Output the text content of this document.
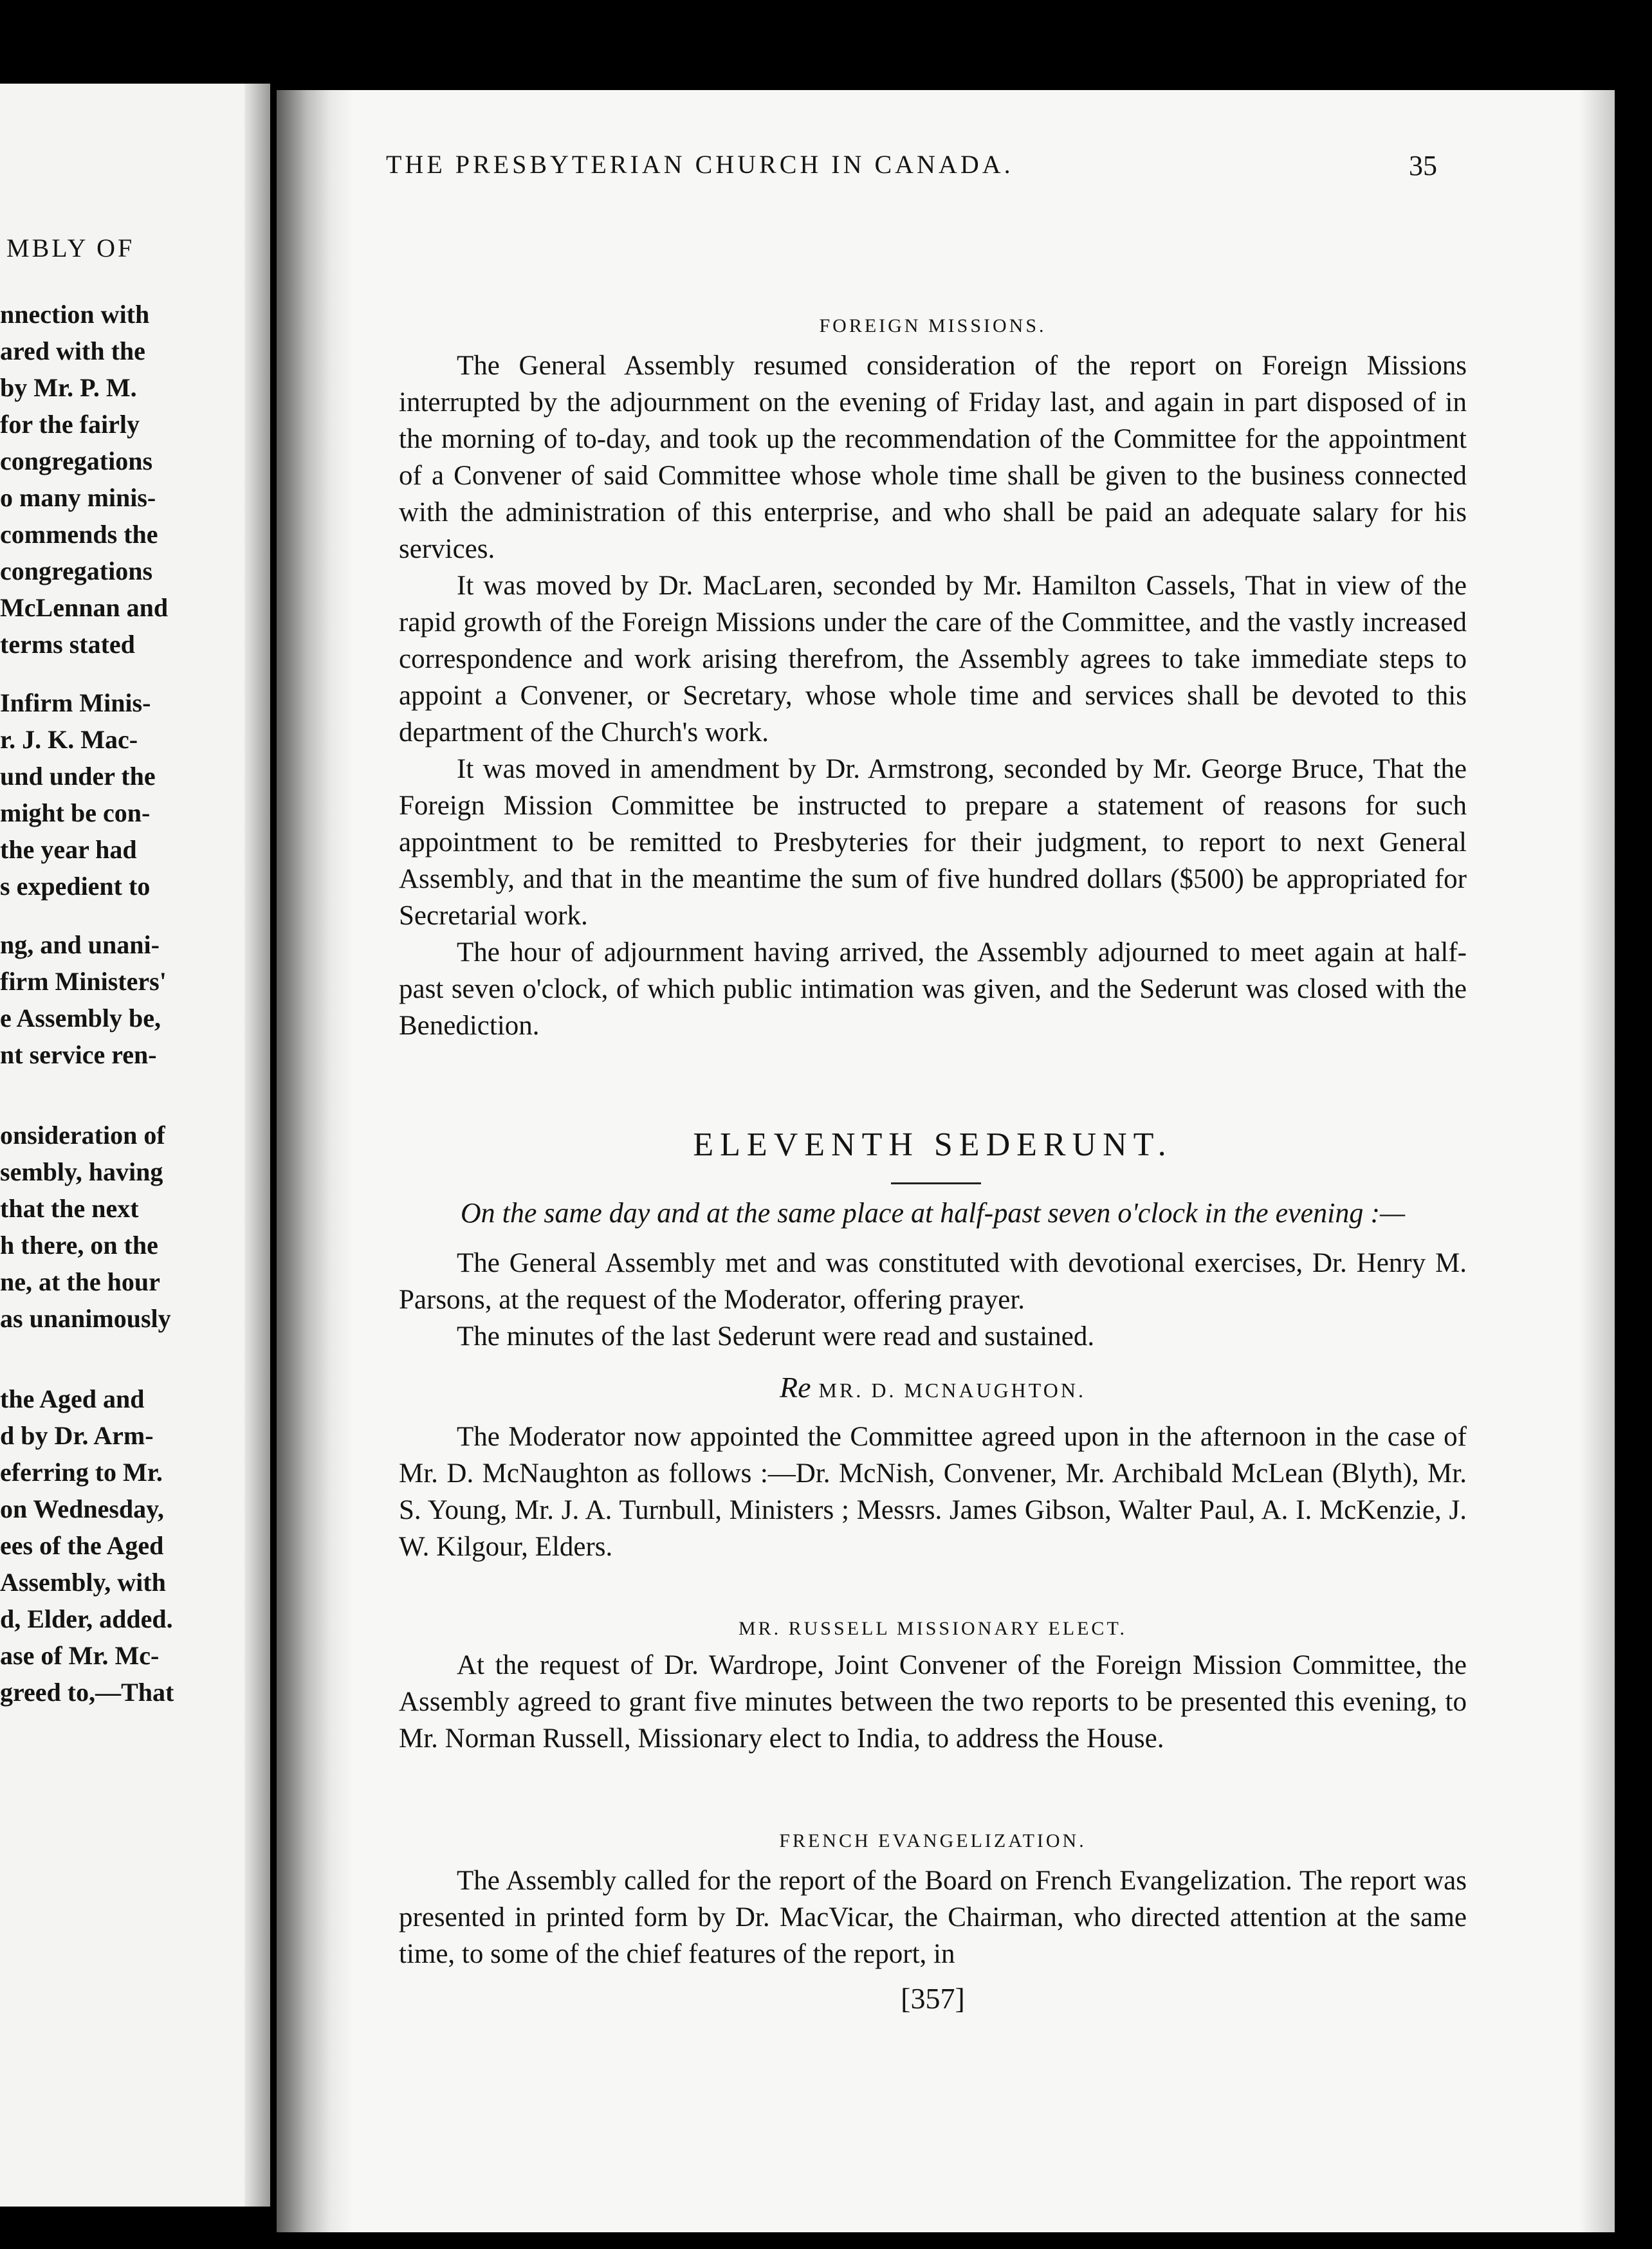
MBLY OF
nnection with
ared with the
by Mr. P. M.
for the fairly
congregations
o many minis-
commends the
congregations
McLennan and
terms stated
Infirm Minis-
r. J. K. Mac-
und under the
might be con-
the year had
s expedient to
ng, and unani-
firm Ministers'
e Assembly be,
nt service ren-
onsideration of
sembly, having
that the next
h there, on the
ne, at the hour
as unanimously
the Aged and
d by Dr. Arm-
eferring to Mr.
on Wednesday,
ees of the Aged
Assembly, with
d, Elder, added.
ase of Mr. Mc-
greed to,—That
THE PRESBYTERIAN CHURCH IN CANADA.	35
FOREIGN MISSIONS.

The General Assembly resumed consideration of the report on Foreign Missions interrupted by the adjournment on the evening of Friday last, and again in part disposed of in the morning of to-day, and took up the recommendation of the Committee for the appointment of a Convener of said Committee whose whole time shall be given to the business connected with the administration of this enterprise, and who shall be paid an adequate salary for his services.

It was moved by Dr. MacLaren, seconded by Mr. Hamilton Cassels, That in view of the rapid growth of the Foreign Missions under the care of the Committee, and the vastly increased correspondence and work arising therefrom, the Assembly agrees to take immediate steps to appoint a Convener, or Secretary, whose whole time and services shall be devoted to this department of the Church's work.

It was moved in amendment by Dr. Armstrong, seconded by Mr. George Bruce, That the Foreign Mission Committee be instructed to prepare a statement of reasons for such appointment to be remitted to Presbyteries for their judgment, to report to next General Assembly, and that in the meantime the sum of five hundred dollars ($500) be appropriated for Secretarial work.

The hour of adjournment having arrived, the Assembly adjourned to meet again at half-past seven o'clock, of which public intimation was given, and the Sederunt was closed with the Benediction.

ELEVENTH SEDERUNT.
On the same day and at the same place at half-past seven o'clock in the evening :—

The General Assembly met and was constituted with devotional exercises, Dr. Henry M. Parsons, at the request of the Moderator, offering prayer.

The minutes of the last Sederunt were read and sustained.

Re MR. D. MCNAUGHTON.

The Moderator now appointed the Committee agreed upon in the afternoon in the case of Mr. D. McNaughton as follows :—Dr. McNish, Convener, Mr. Archibald McLean (Blyth), Mr. S. Young, Mr. J. A. Turnbull, Ministers ; Messrs. James Gibson, Walter Paul, A. I. McKenzie, J. W. Kilgour, Elders.

MR. RUSSELL MISSIONARY ELECT.

At the request of Dr. Wardrope, Joint Convener of the Foreign Mission Committee, the Assembly agreed to grant five minutes between the two reports to be presented this evening, to Mr. Norman Russell, Missionary elect to India, to address the House.

FRENCH EVANGELIZATION.

The Assembly called for the report of the Board on French Evangelization. The report was presented in printed form by Dr. MacVicar, the Chairman, who directed attention at the same time, to some of the chief features of the report, in

[357]
